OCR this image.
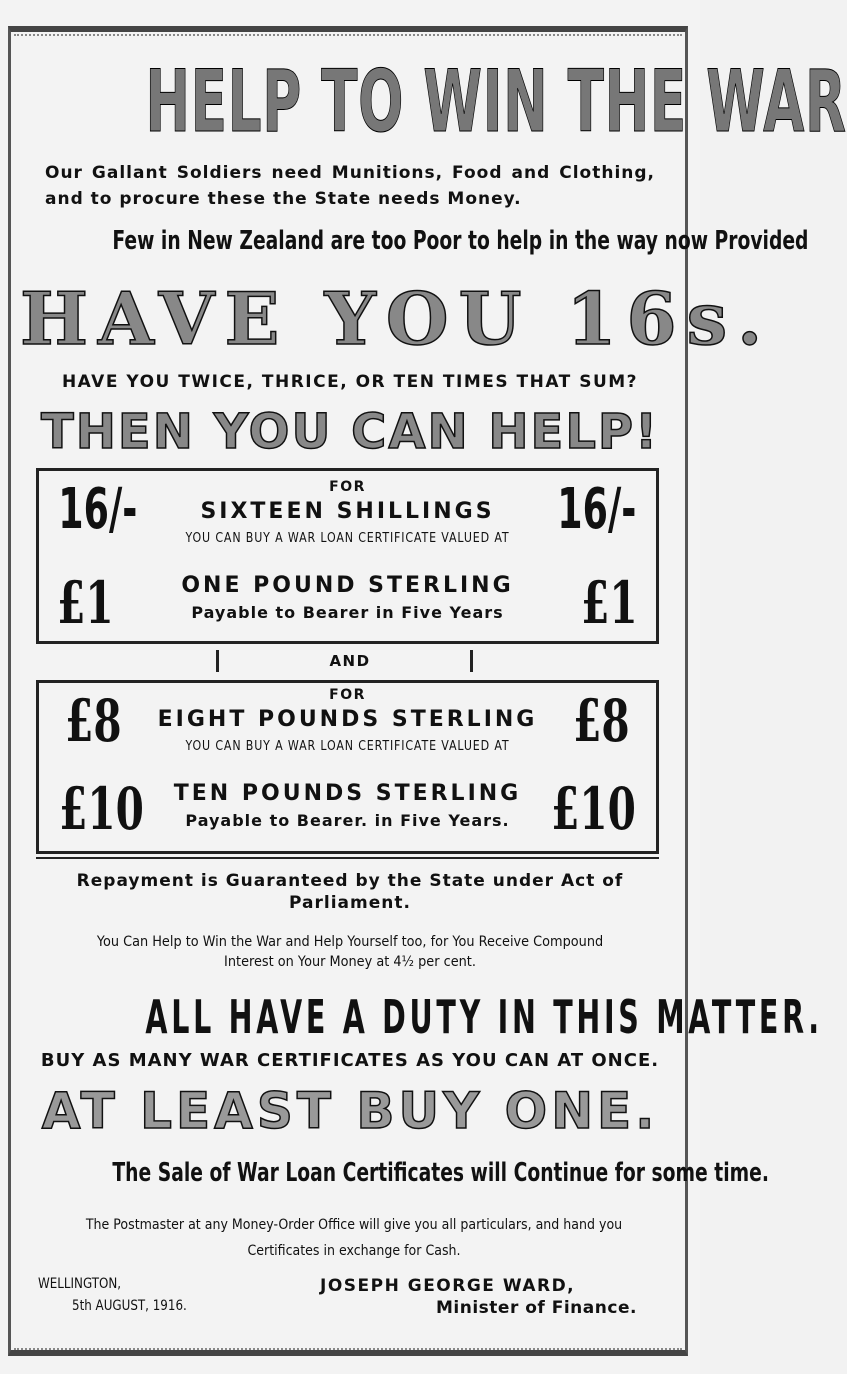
HELP TO WIN THE WAR
Our Gallant Soldiers need Munitions, Food and Clothing, and to procure these the State needs Money.
Few in New Zealand are too Poor to help in the way now Provided
HAVE YOU 16s.
HAVE YOU TWICE, THRICE, OR TEN TIMES THAT SUM?
THEN YOU CAN HELP!
16/-	16/-
FOR
SIXTEEN SHILLINGS
YOU CAN BUY A WAR LOAN CERTIFICATE VALUED AT
£1	£1
ONE POUND STERLING
Payable to Bearer in Five Years
AND
£8	£8
FOR
EIGHT POUNDS STERLING
YOU CAN BUY A WAR LOAN CERTIFICATE VALUED AT
£10	£10
TEN POUNDS STERLING
Payable to Bearer. in Five Years.
Repayment is Guaranteed by the State under Act of Parliament.
You Can Help to Win the War and Help Yourself too, for You Receive Compound Interest on Your Money at 4½ per cent.
ALL HAVE A DUTY IN THIS MATTER.
BUY AS MANY WAR CERTIFICATES AS YOU CAN AT ONCE.
AT LEAST BUY ONE.
The Sale of War Loan Certificates will Continue for some time.
The Postmaster at any Money-Order Office will give you all particulars, and hand you Certificates in exchange for Cash.
WELLINGTON,
5th AUGUST, 1916.
JOSEPH GEORGE WARD,
Minister of Finance.
